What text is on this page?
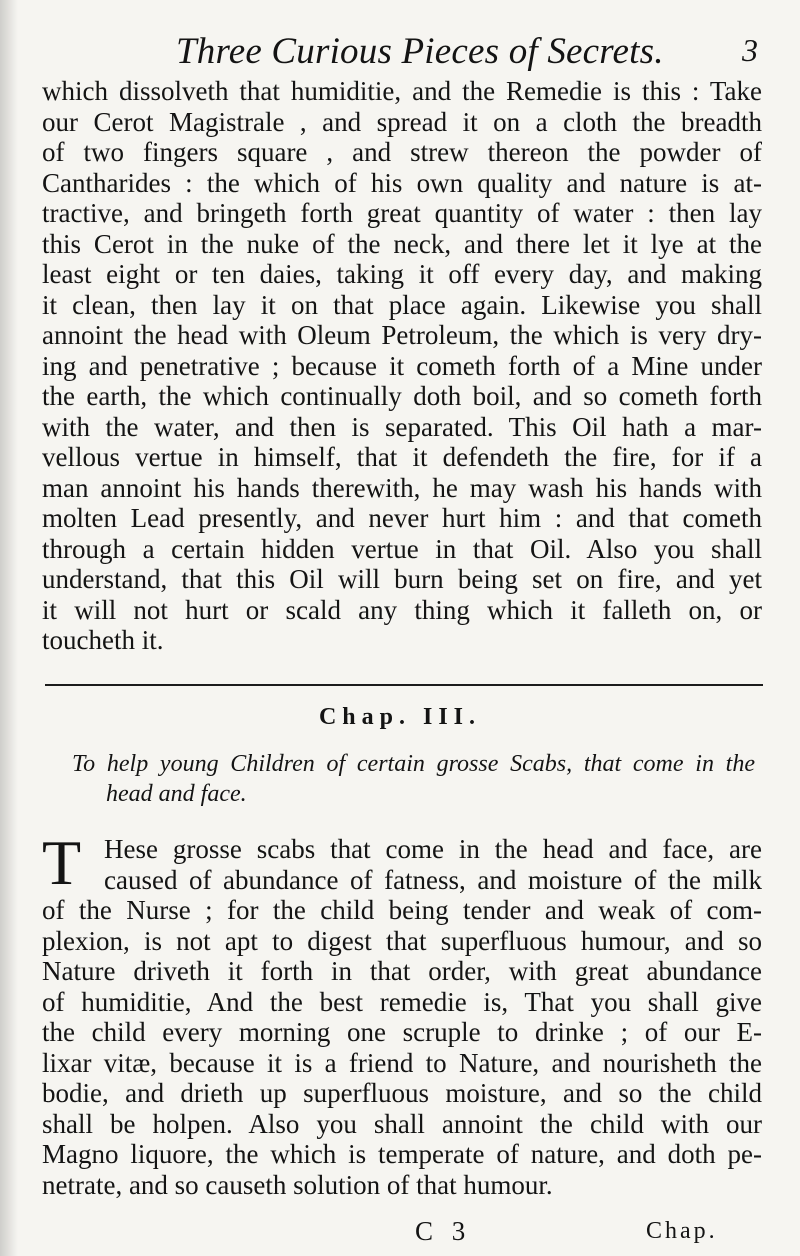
Three Curious Pieces of Secrets. 3
which dissolveth that humiditie, and the Remedie is this : Take
our Cerot Magistrale , and spread it on a cloth the breadth
of two fingers square , and strew thereon the powder of
Cantharides : the which of his own quality and nature is at-
tractive, and bringeth forth great quantity of water : then lay
this Cerot in the nuke of the neck, and there let it lye at the
least eight or ten daies, taking it off every day, and making
it clean, then lay it on that place again. Likewise you shall
annoint the head with Oleum Petroleum, the which is very dry-
ing and penetrative ; because it cometh forth of a Mine under
the earth, the which continually doth boil, and so cometh forth
with the water, and then is separated. This Oil hath a mar-
vellous vertue in himself, that it defendeth the fire, for if a
man annoint his hands therewith, he may wash his hands with
molten Lead presently, and never hurt him : and that cometh
through a certain hidden vertue in that Oil. Also you shall
understand, that this Oil will burn being set on fire, and yet
it will not hurt or scald any thing which it falleth on, or
toucheth it.
Chap. III.
To help young Children of certain grosse Scabs, that come in the
head and face.
T Hese grosse scabs that come in the head and face, are
caused of abundance of fatness, and moisture of the milk
of the Nurse ; for the child being tender and weak of com-
plexion, is not apt to digest that superfluous humour, and so
Nature driveth it forth in that order, with great abundance
of humiditie, And the best remedie is, That you shall give
the child every morning one scruple to drinke ; of our E-
lixar vitæ, because it is a friend to Nature, and nourisheth the
bodie, and drieth up superfluous moisture, and so the child
shall be holpen. Also you shall annoint the child with our
Magno liquore, the which is temperate of nature, and doth pe-
netrate, and so causeth solution of that humour.
C 3	Chap.
